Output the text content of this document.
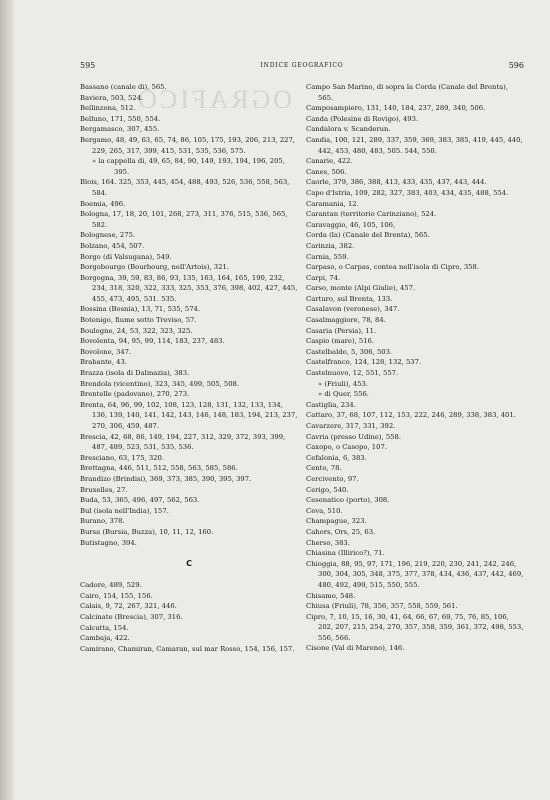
OGRAFICO
595	INDICE GEOGRAFICO	596
Bassano (canale di), 565.
Baviera, 503, 524.
Bellinzona, 512.
Belluno, 171, 550, 554.
Bergamasco, 307, 455.
Bergamo, 48, 49, 63, 65, 74, 86, 105, 175, 193, 206, 213, 227, 229, 265, 317, 399, 415, 531, 535, 536, 575.
» la cappella di, 49, 65, 84, 90, 149, 193, 194, 196, 205, 395.
Blois, 164. 325, 353, 445, 454, 488, 493, 526, 536, 558, 563, 584.
Boemia, 496.
Bologna, 17, 18, 20, 101, 268, 273, 311, 376, 515, 536, 565, 582.
Bolognese, 275.
Bolzano, 454, 507.
Borgo (di Valsugana), 549.
Borgobourgo (Bourbourg, nell'Artois), 321.
Borgogna, 39, 59, 83, 86, 93, 135, 163, 164, 165, 190, 232, 234, 318, 320, 322, 333, 325, 353, 376, 398, 402, 427, 445, 455, 473, 495, 531. 535.
Bossina (Bosnia), 13, 71, 535, 574.
Botenigo, fiume sotto Treviso, 57.
Boulogne, 24, 53, 322, 323, 325.
Bovolenta, 94, 95, 99, 114, 183, 237, 483.
Bovolone, 347.
Brabante, 43.
Brazza (isola di Dalmazia), 383.
Brendola (vicentino), 323, 345, 499, 505, 508.
Brentelle (padovano), 270, 273.
Brenta, 64, 96, 99, 102, 108, 123, 128, 131, 132, 133, 134, 136, 139, 140, 141, 142, 143, 146, 148, 183, 194, 213, 237, 270, 306, 459, 487.
Brescia, 42, 68, 86, 149, 194, 227, 312, 329, 372, 393, 399, 487, 489, 523, 531, 535, 536.
Bresciano, 63, 175, 320.
Brettagna, 446, 511, 512, 558, 563, 585, 586.
Brandizo (Brindisi), 369, 373, 385, 390, 395, 397.
Bruxelles, 27.
Buda, 53, 365, 496, 497, 562, 563.
Bul (isola nell'India), 157.
Burano, 378.
Bursa (Bursia, Buzza), 10, 11, 12, 160.
Butistagno, 394.
C
Cadore, 489, 529.
Cairo, 154, 155, 156.
Calais, 9, 72, 267, 321, 446.
Calcinate (Brescia), 307, 316.
Calcutta, 154.
Cambaja, 422.
Camirano, Chamiran, Camaran, sul mar Rosso, 154, 156, 157.
Campo San Marino, di sopra la Corda (Canale del Brenta), 565.
Camposampiero, 131, 140, 184, 237, 289, 340, 506.
Canda (Polesine di Rovigo), 493.
Candalora v. Scanderun.
Candia, 100, 121, 289, 337, 359, 369, 383, 385, 419, 445, 440, 442, 453, 480, 483, 505. 544, 550.
Canarie, 422.
Canes, 506.
Caorle, 379, 386, 388, 413, 433, 435, 437, 443, 444.
Capo d'Istria, 109, 282, 327, 383, 403, 434, 435, 488, 554.
Caramania, 12.
Carantan (territorio Carinziano), 524.
Caravaggio, 46, 105, 106,
Corda (la) (Canale del Brenta), 565.
Carinzia, 382.
Carnia, 559.
Carpaso, o Carpas, contea nell'isola di Cipro, 358.
Carpi, 74.
Carso, monte (Alpi Giulie), 457.
Carturo, sul Brenta, 133.
Casalavon (veronese), 347.
Casalmaggiore, 78, 84.
Casaria (Persia), 11.
Caspio (mare), 516.
Castelbaldo, 5, 306, 503.
Castelfranco, 124, 128, 132, 537.
Castelnuovo, 12, 551, 557.
» (Friuli), 453.
» di Quer, 556.
Castiglia, 234.
Cattaro, 37, 68, 107, 112, 153, 222, 246, 289, 338, 383, 401.
Cavarzere, 317, 331, 392.
Cavria (presso Udine), 558.
Caxopo, o Casopo, 107.
Cefalonia, 6, 383.
Cento, 78.
Cercivento, 97.
Cerigo, 540.
Cesenatico (porto), 308.
Ceva, 510.
Champague, 323.
Cahors, Ors, 25, 63.
Cherso, 383.
Chiasina (Illirico?), 71.
Chioggia, 88, 95, 97, 171, 196, 219, 220, 230, 241, 242, 246, 300, 304, 305, 348, 375, 377, 378, 434, 436, 437, 442, 469, 480, 492, 499, 515, 550, 555.
Chisamo, 548.
Chiusa (Friuli), 78, 356, 357, 558, 559, 561.
Cipro, 7, 10, 15, 16, 30, 41, 64, 66, 67, 69, 75, 76, 85, 106, 202, 207, 215, 254, 270, 357, 358, 359, 361, 372, 498, 553, 556, 566.
Cisone (Val di Mareno), 146.
